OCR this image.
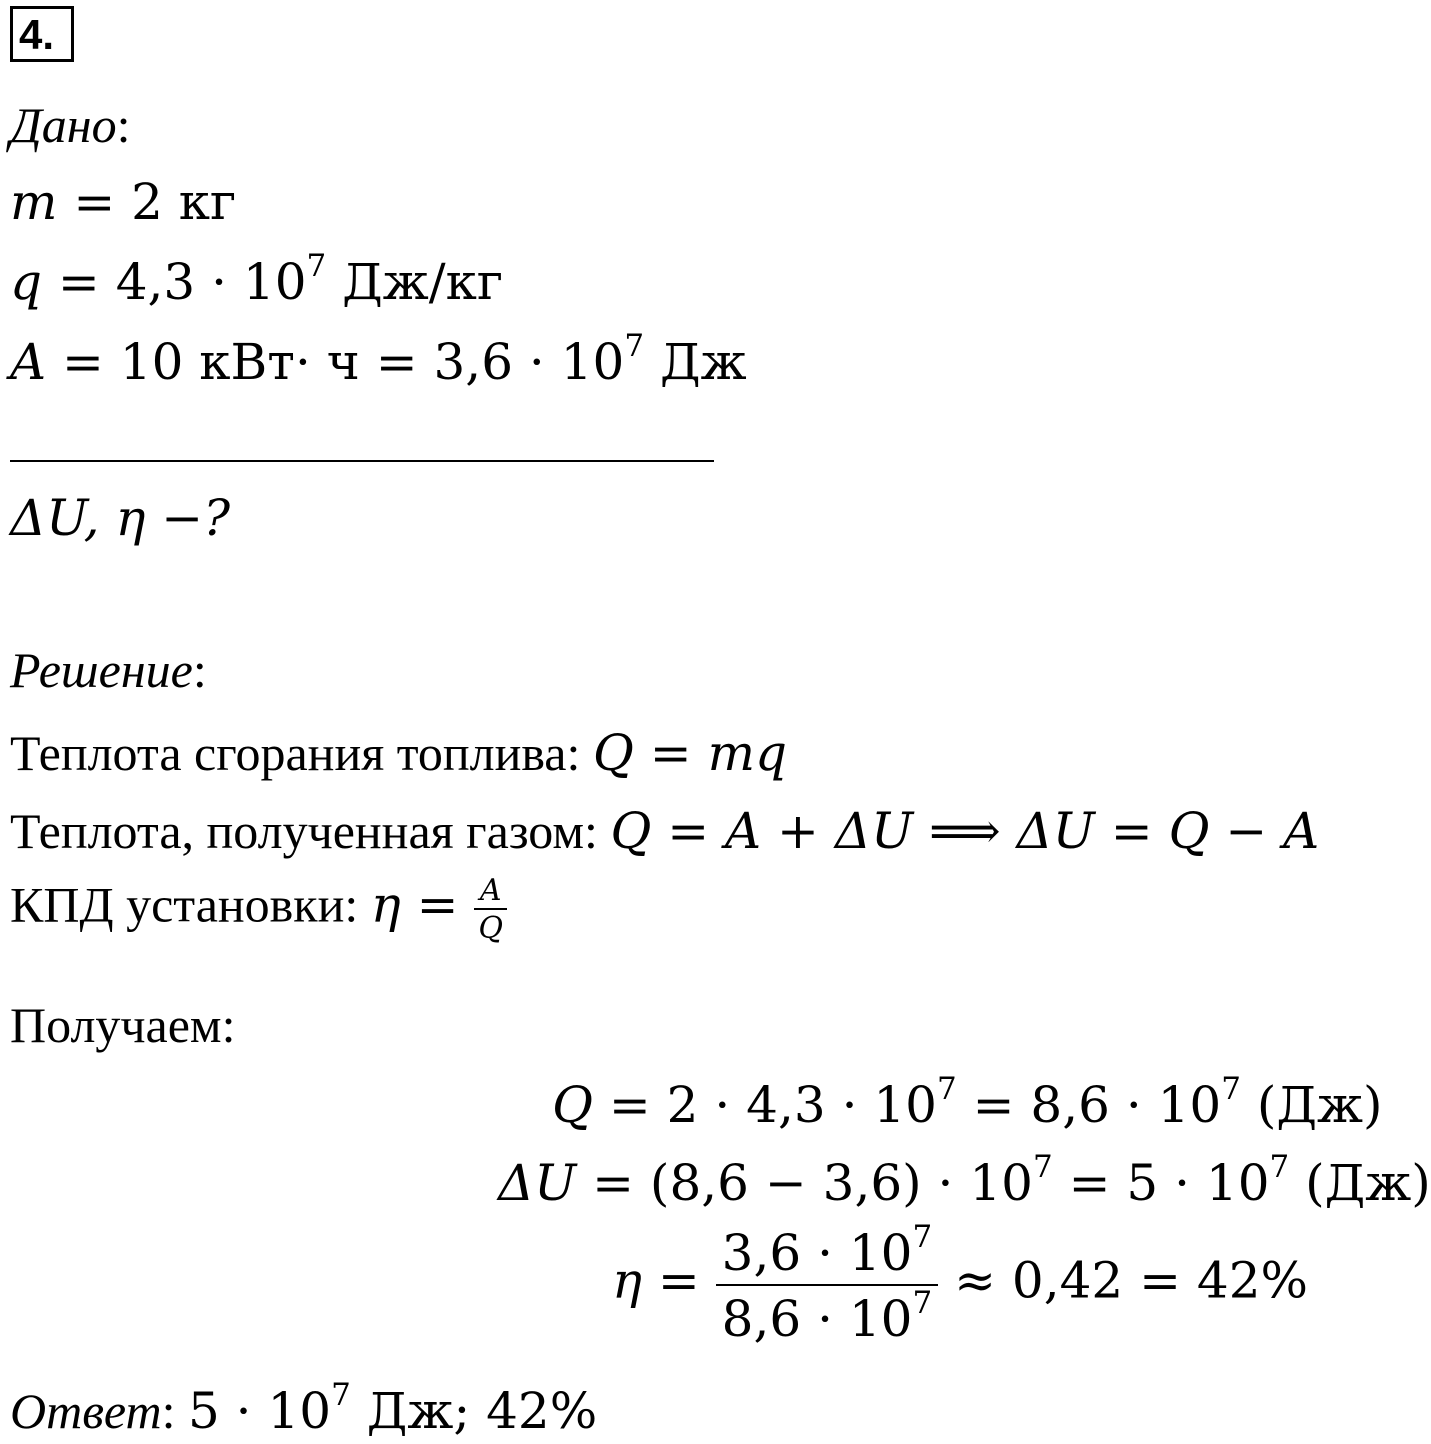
4.
Дано:
m = 2 кг
$q = 4,3 \cdot 10^7$ Дж/кг
A = 10 $кВт\cdot ч = 3,6 \cdot 10^7$ Дж
ΔU, η −?
Решение:
Теплота сгорания топлива: Q = mq
Теплота, полученная газом: Q = A + ΔU ⟹ ΔU = Q − A
КПД установки: $\eta = \frac{A}{Q}$
Получаем:
$Q = 2 \cdot 4,3 \cdot 10^7 = 8,6 \cdot 10^7$ (Дж)
$\Delta U = (8,6 - 3,6) \cdot 10^7 = 5 \cdot 10^7$ (Дж)
$\eta = \frac{3,6 \cdot 10^7}{8,6 \cdot 10^7} \approx 0,42 = 42\%$
Ответ: $5 \cdot 10^7$ Дж; 42%
